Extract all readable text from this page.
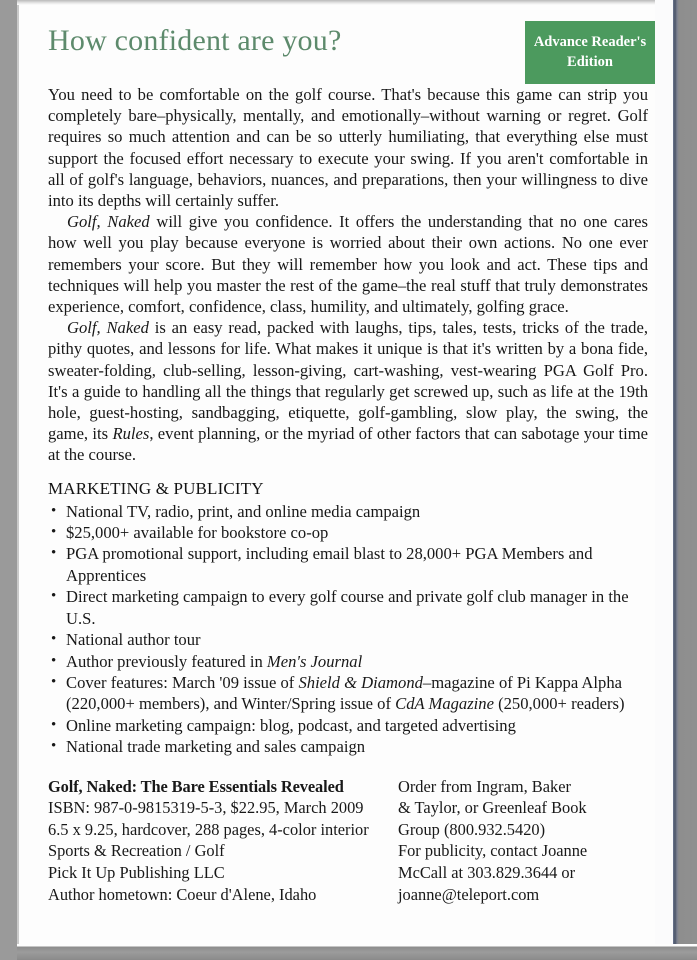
How confident are you?	Advance Reader's
Edition

You need to be comfortable on the golf course. That's because this game can strip you completely bare–physically, mentally, and emotionally–without warning or regret. Golf requires so much attention and can be so utterly humiliating, that everything else must support the focused effort necessary to execute your swing. If you aren't comfortable in all of golf's language, behaviors, nuances, and preparations, then your willingness to dive into its depths will certainly suffer.

Golf, Naked will give you confidence. It offers the understanding that no one cares how well you play because everyone is worried about their own actions. No one ever remembers your score. But they will remember how you look and act. These tips and techniques will help you master the rest of the game–the real stuff that truly demonstrates experience, comfort, confidence, class, humility, and ultimately, golfing grace.

Golf, Naked is an easy read, packed with laughs, tips, tales, tests, tricks of the trade, pithy quotes, and lessons for life. What makes it unique is that it's written by a bona fide, sweater-folding, club-selling, lesson-giving, cart-washing, vest-wearing PGA Golf Pro. It's a guide to handling all the things that regularly get screwed up, such as life at the 19th hole, guest-hosting, sandbagging, etiquette, golf-gambling, slow play, the swing, the game, its Rules, event planning, or the myriad of other factors that can sabotage your time at the course.

MARKETING & PUBLICITY
• National TV, radio, print, and online media campaign
• $25,000+ available for bookstore co-op
• PGA promotional support, including email blast to 28,000+ PGA Members and Apprentices
• Direct marketing campaign to every golf course and private golf club manager in the U.S.
• National author tour
• Author previously featured in Men's Journal
• Cover features: March '09 issue of Shield & Diamond–magazine of Pi Kappa Alpha (220,000+ members), and Winter/Spring issue of CdA Magazine (250,000+ readers)
• Online marketing campaign: blog, podcast, and targeted advertising
• National trade marketing and sales campaign
Golf, Naked: The Bare Essentials Revealed
ISBN: 987-0-9815319-5-3, $22.95, March 2009
6.5 x 9.25, hardcover, 288 pages, 4-color interior
Sports & Recreation / Golf
Pick It Up Publishing LLC
Author hometown: Coeur d'Alene, Idaho
Order from Ingram, Baker
& Taylor, or Greenleaf Book
Group (800.932.5420)
For publicity, contact Joanne
McCall at 303.829.3644 or
joanne@teleport.com
